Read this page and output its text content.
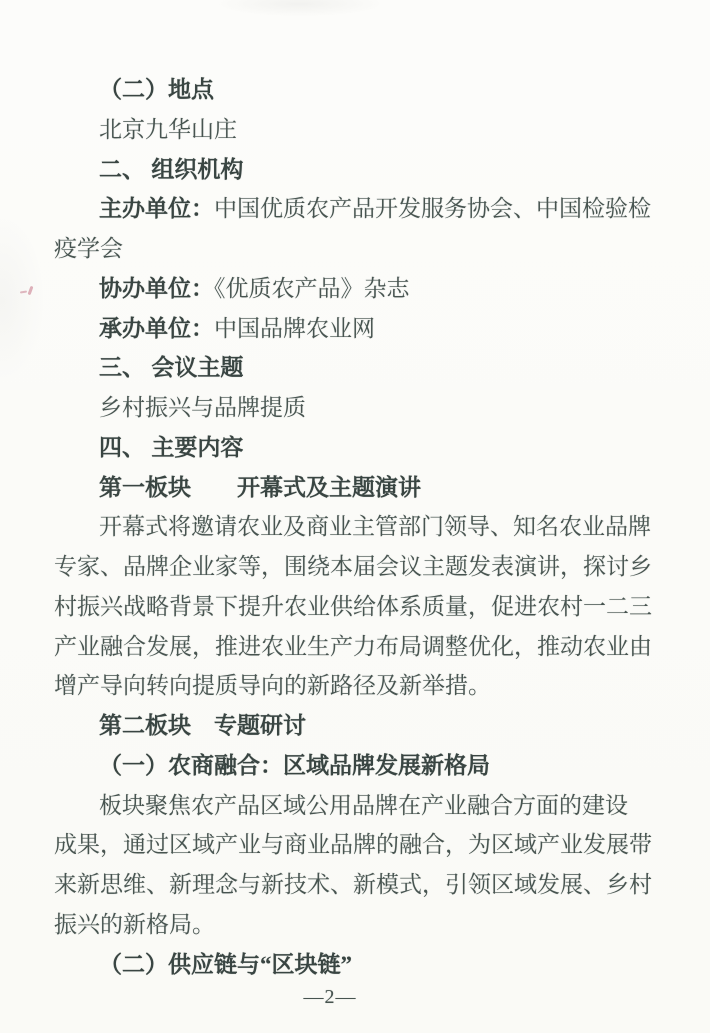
（二）地点
北京九华山庄
二、 组织机构
主办单位：中国优质农产品开发服务协会、中国检验检
疫学会
协办单位：《优质农产品》杂志
承办单位：中国品牌农业网
三、 会议主题
乡村振兴与品牌提质
四、 主要内容
第一板块　　开幕式及主题演讲
开幕式将邀请农业及商业主管部门领导、知名农业品牌
专家、品牌企业家等，围绕本届会议主题发表演讲，探讨乡
村振兴战略背景下提升农业供给体系质量，促进农村一二三
产业融合发展，推进农业生产力布局调整优化，推动农业由
增产导向转向提质导向的新路径及新举措。
第二板块　专题研讨
（一）农商融合：区域品牌发展新格局
板块聚焦农产品区域公用品牌在产业融合方面的建设
成果，通过区域产业与商业品牌的融合，为区域产业发展带
来新思维、新理念与新技术、新模式，引领区域发展、乡村
振兴的新格局。
（二）供应链与“区块链”
—2—
